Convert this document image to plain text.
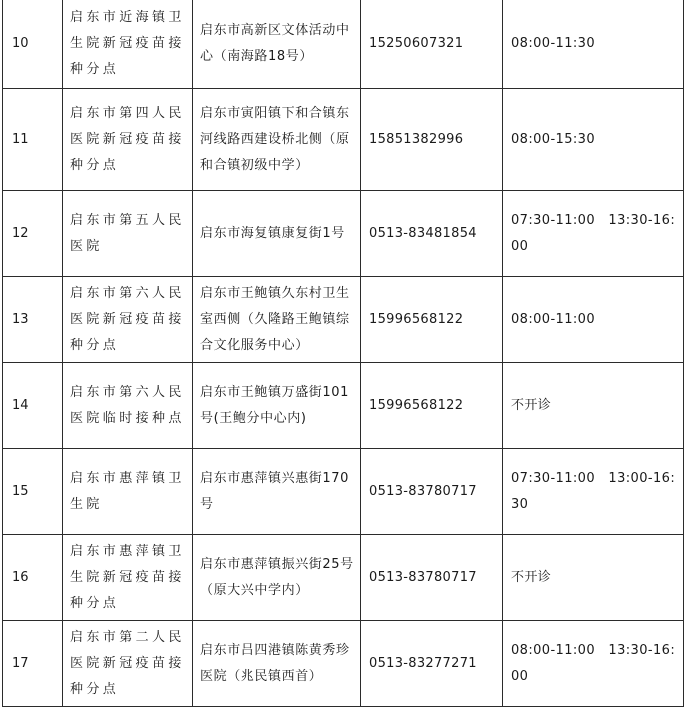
10	启东市近海镇卫生院新冠疫苗接种分点	启东市高新区文体活动中心（南海路18号）	15250607321	08:00-11:30

11	启东市第四人民医院新冠疫苗接种分点	启东市寅阳镇下和合镇东河线路西建设桥北侧（原和合镇初级中学）	15851382996	08:00-15:30

12	启东市第五人民医院	启东市海复镇康复街1号	0513-83481854	07:30-11:00　13:30-16:00

13	启东市第六人民医院新冠疫苗接种分点	启东市王鲍镇久东村卫生室西侧（久隆路王鲍镇综合文化服务中心）	15996568122	08:00-11:00

14	启东市第六人民医院临时接种点	启东市王鲍镇万盛街101号(王鲍分中心内)	15996568122	不开诊

15	启东市惠萍镇卫生院	启东市惠萍镇兴惠街170号	0513-83780717	07:30-11:00　13:00-16:30

16	启东市惠萍镇卫生院新冠疫苗接种分点	启东市惠萍镇振兴街25号（原大兴中学内）	0513-83780717	不开诊

17	启东市第二人民医院新冠疫苗接种分点	启东市吕四港镇陈黄秀珍医院（兆民镇西首）	0513-83277271	08:00-11:00　13:30-16:00
